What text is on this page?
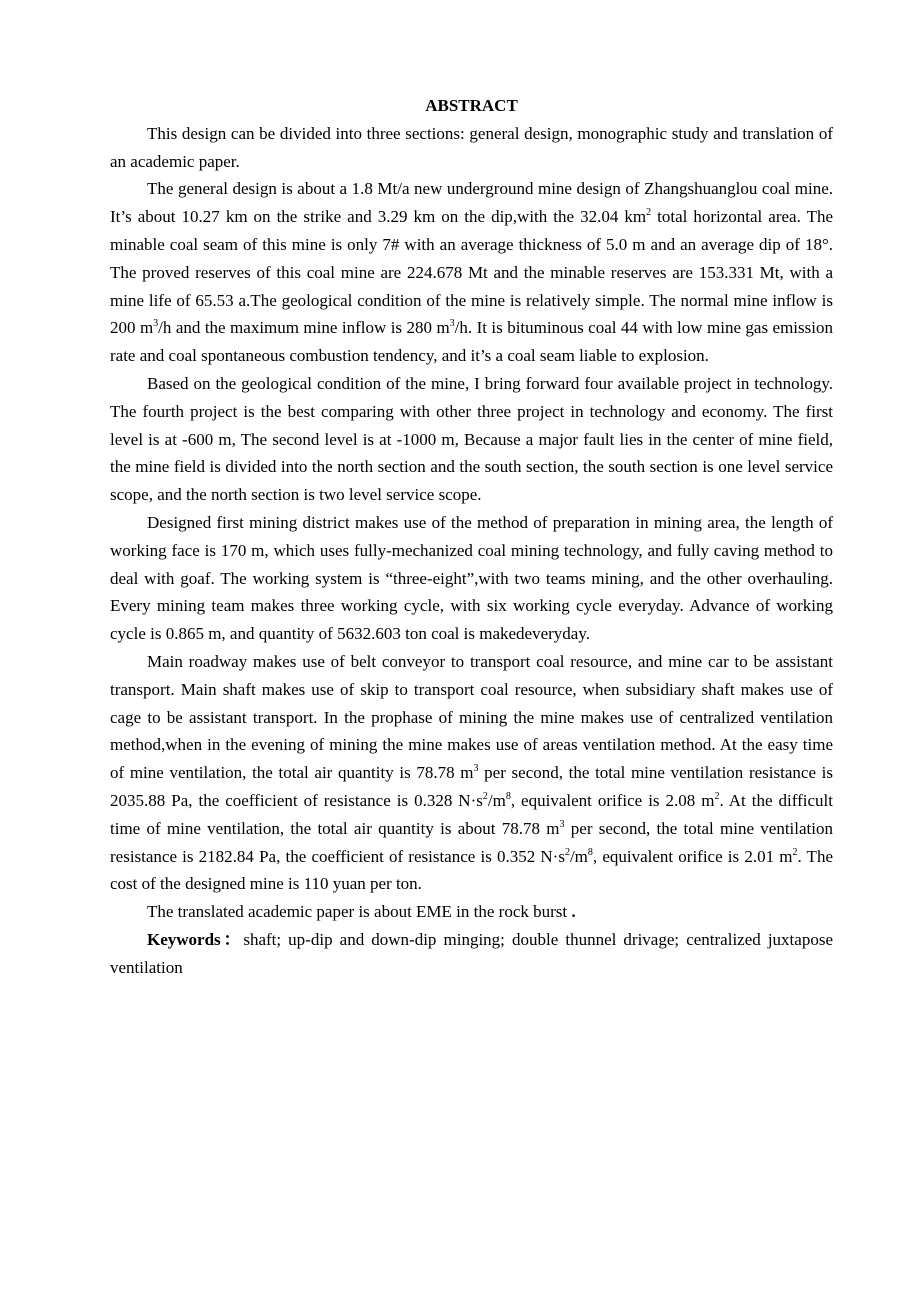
ABSTRACT

This design can be divided into three sections: general design, monographic study and translation of an academic paper.

The general design is about a 1.8 Mt/a new underground mine design of Zhangshuanglou coal mine. It’s about 10.27 km on the strike and 3.29 km on the dip,with the 32.04 $km^2$ total horizontal area. The minable coal seam of this mine is only 7# with an average thickness of 5.0 m and an average dip of 18°. The proved reserves of this coal mine are 224.678 Mt and the minable reserves are 153.331 Mt, with a mine life of 65.53 a.The geological condition of the mine is relatively simple. The normal mine inflow is 200 $m^3/h$ and the maximum mine inflow is 280 $m^3/h$. It is bituminous coal 44 with low mine gas emission rate and coal spontaneous combustion tendency, and it’s a coal seam liable to explosion.

Based on the geological condition of the mine, I bring forward four available project in technology. The fourth project is the best comparing with other three project in technology and economy. The first level is at -600 m, The second level is at -1000 m, Because a major fault lies in the center of mine field, the mine field is divided into the north section and the south section, the south section is one level service scope, and the north section is two level service scope.

Designed first mining district makes use of the method of preparation in mining area, the length of working face is 170 m, which uses fully-mechanized coal mining technology, and fully caving method to deal with goaf. The working system is “three-eight”,with two teams mining, and the other overhauling. Every mining team makes three working cycle, with six working cycle everyday. Advance of working cycle is 0.865 m, and quantity of 5632.603 ton coal is makedeveryday.

Main roadway makes use of belt conveyor to transport coal resource, and mine car to be assistant transport. Main shaft makes use of skip to transport coal resource, when subsidiary shaft makes use of cage to be assistant transport. In the prophase of mining the mine makes use of centralized ventilation method,when in the evening of mining the mine makes use of areas ventilation method. At the easy time of mine ventilation, the total air quantity is 78.78 $m^3$ per second, the total mine ventilation resistance is 2035.88 Pa, the coefficient of resistance is 0.328 $N\cdot s^2/m^8$, equivalent orifice is 2.08 $m^2$. At the difficult time of mine ventilation, the total air quantity is about 78.78 $m^3$ per second, the total mine ventilation resistance is 2182.84 Pa, the coefficient of resistance is 0.352 $N\cdot s^2/m^8$, equivalent orifice is 2.01 $m^2$. The cost of the designed mine is 110 yuan per ton.

The translated academic paper is about EME in the rock burst .

Keywords：shaft; up-dip and down-dip minging; double thunnel drivage; centralized juxtapose ventilation
